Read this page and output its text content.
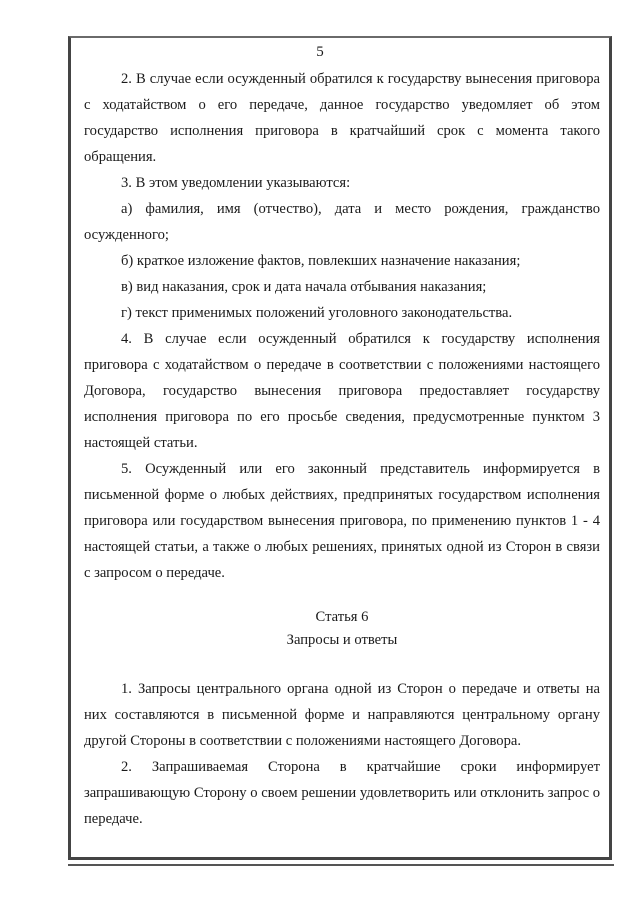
5

2. В случае если осужденный обратился к государству вынесения приговора с ходатайством о его передаче, данное государство уведомляет об этом государство исполнения приговора в кратчайший срок с момента такого обращения.

3. В этом уведомлении указываются:

а) фамилия, имя (отчество), дата и место рождения, гражданство осужденного;

б) краткое изложение фактов, повлекших назначение наказания;

в) вид наказания, срок и дата начала отбывания наказания;

г) текст применимых положений уголовного законодательства.

4. В случае если осужденный обратился к государству исполнения приговора с ходатайством о передаче в соответствии с положениями настоящего Договора, государство вынесения приговора предоставляет государству исполнения приговора по его просьбе сведения, предусмотренные пунктом 3 настоящей статьи.

5. Осужденный или его законный представитель информируется в письменной форме о любых действиях, предпринятых государством исполнения приговора или государством вынесения приговора, по применению пунктов 1 - 4 настоящей статьи, а также о любых решениях, принятых одной из Сторон в связи с запросом о передаче.

Статья 6

Запросы и ответы

1. Запросы центрального органа одной из Сторон о передаче и ответы на них составляются в письменной форме и направляются центральному органу другой Стороны в соответствии с положениями настоящего Договора.

2. Запрашиваемая Сторона в кратчайшие сроки информирует запрашивающую Сторону о своем решении удовлетворить или отклонить запрос о передаче.
